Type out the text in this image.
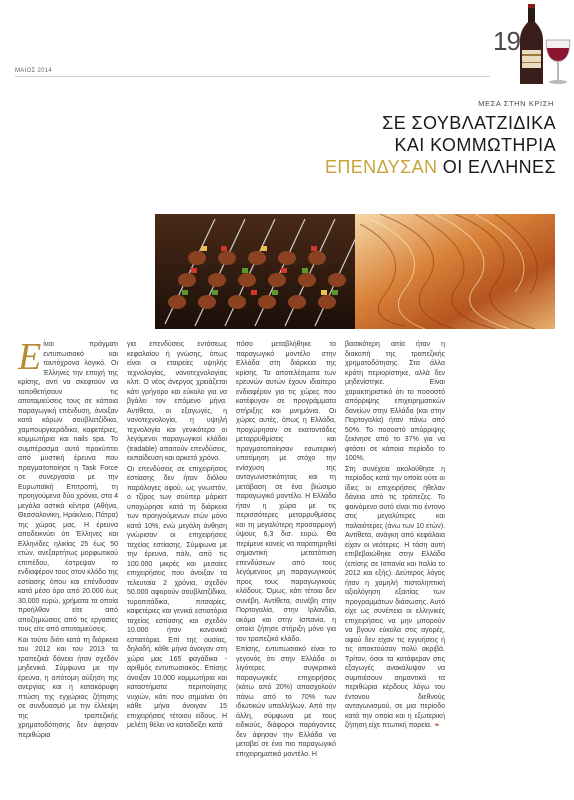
ΜΑΙΟΣ 2014
19
ΜΕΣΑ ΣΤΗΝ ΚΡΙΣΗ
ΣΕ ΣΟΥΒΛΑΤΖΙΔΙΚΑ
ΚΑΙ ΚΟΜΜΩΤΗΡΙΑ
ΕΠΕΝΔΥΣΑΝ ΟΙ ΕΛΛΗΝΕΣ

Είναι πράγματι εντυπωσιακό και ταυτόχρονα λογικό. Οι Έλληνες την εποχή της κρίσης, αντί να σκεφτούν να τοποθετήσουν τις αποταμιεύσεις τους σε κάποια παραγωγική επένδυση, άνοιξαν κατά κόρων σουβλατζίδικα, χαμπουργκεράδικα, καφετέριες, κομμωτήρια και nails spa. Το συμπέρασμα αυτό προκύπτει από μυστική έρευνα που πραγματοποίησε η Task Force σε συνεργασία με την Ευρωπαϊκή Επιτροπή, τη προηγούμενα δύο χρόνια, στα 4 μεγάλα αστικά κέντρα (Αθήνα, Θεσσαλονίκη, Ηράκλειο, Πάτρα) της χώρας μας. Η έρευνα αποδεικνύει ότι Έλληνες και Ελληνίδες ηλικίας 25 έως 50 ετών, ανεξαρτήτως μορφωτικού επιπέδου, έστρεψαν το ενδιαφέρον τους στον κλάδο της εστίασης όπου και επένδυσαν κατά μέσο όρο από 20.000 έως 30.000 ευρώ, χρήματα τα οποία προήλθαν είτε από αποζημιώσεις από τις εργασίες τους είτε από αποταμιεύσεις.

Και τούτο διότι κατά τη διάρκεια του 2012 και του 2013 τα τραπεζικά δάνεια ήταν σχεδόν μηδενικά. Σύμφωνα με την έρευνα, η απότομη αύξηση της ανεργίας και η κατακόρυφη πτώση της εγχώριας ζήτησης σε συνδυασμό με την έλλειψη της τραπεζικής χρηματοδότησης δεν άφησαν περιθώρια

για επενδύσεις εντάσεως κεφαλαίου ή γνώσης, όπως είναι οι εταιρείες υψηλής τεχνολογίας, νανοτεχνολογίας κλπ. Ο νέος άνεργος χρειάζεται κάτι γρήγορο και εύκολο για να βγάλει τον επόμενο μήνα. Αντίθετα, οι εξαγωγές, η νανοτεχνολογία, η υψηλή τεχνολογία και γενικότερα οι λεγόμενοι παραγωγικοί κλάδοι (tradable) απαιτούν επενδύσεις, εκπαίδευση και αρκετό χρόνο.

Οι επενδύσεις σε επιχειρήσεις εστίασης δεν ήταν διόλου παράλογες αφού, ως γνωστόν, ο τζίρος των σούπερ μάρκετ υποχώρησε κατά τη διάρκεια των προηγούμενων ετών μόνο κατά 10%, ενώ μεγάλη άνθηση γνώρισαν οι επιχειρήσεις ταχείας εστίασης. Σύμφωνα με την έρευνα, πάλι, από τις 100.000 μικρές και μεσαίες επιχειρήσεις που άνοιξαν τα τελευταία 2 χρόνια, σχεδόν 50.000 αφορούν σουβλατζίδικα, τυροπιτάδικα, πιτσαρίες, καφετέριες και γενικά εστιατόρια ταχείας εστίασης και σχεδόν 10.000 ήταν κανονικά εστιατόρια. Επί της ουσίας, δηλαδή, κάθε μήνα άνοιγαν στη χώρα μας 165 φαγάδικα - αριθμός εντυπωσιακός. Επίσης άνοιξαν 10.000 κομμωτήρια και καταστήματα περιποίησης νυχιών, κάτι που σημαίνει ότι κάθε μήνα άνοιγαν 15 επιχειρήσεις τέτοιου είδους. Η μελέτη θέλει να καταδείξει κατά

πόσο μεταβλήθηκε το παραγωγικό μοντέλο στην Ελλάδα στη διάρκεια της κρίσης. Τα αποτελέσματα των ερευνών αυτών έχουν ιδιαίτερο ενδιαφέρον για τις χώρες που κατέφυγαν σε προγράμματα στήριξης και μνημόνια. Οι χώρες αυτές, όπως η Ελλάδα, προχώρησαν σε εκατοντάδες μεταρρυθμίσεις και πραγματοποίησαν εσωτερική υποτίμηση με στόχο την ενίσχυση της ανταγωνιστικότητας και τη μετάβαση σε ένα βιώσιμο παραγωγικό μοντέλο. Η Ελλάδα ήταν η χώρα με τις περισσότερες μεταρρυθμίσεις και τη μεγαλύτερη προσαρμογή ύψους 6,3 δισ. ευρώ. Θα περίμενε κανείς να παρατηρηθεί σημαντική μετατόπιση επενδύσεων από τους λεγόμενους μη παραγωγικούς προς τους παραγωγικούς κλάδους. Όμως, κάτι τέτοιο δεν συνέβη. Αντίθετα, συνέβη στην Πορτογαλία, στην Ιρλανδία, ακόμα και στην Ισπανία, η οποία ζήτησε στήριξη μόνο για τον τραπεζικό κλάδο.

Επίσης, εντυπωσιακό είναι το γεγονός ότι στην Ελλάδα οι λιγότερες συγκριτικά παραγωγικές επιχειρήσεις (κάτω από 20%) απασχολούν πάνω από το 70% των ιδιωτικών υπαλλήλων. Από την άλλη, σύμφωνα με τους ειδικούς, διάφοροι παράγοντες δεν άφησαν την Ελλάδα να μεταβεί σε ένα πιο παραγωγικό επιχειρηματικό μοντέλο. Η

βασικότερη αιτία ήταν η διακοπή της τραπεζικής χρηματοδότησης. Στα άλλα κράτη περιορίστηκε, αλλά δεν μηδενίστηκε. Είναι χαρακτηριστικό ότι το ποσοστό απόρριψης επιχειρηματικών δανείων στην Ελλάδα (και στην Πορτογαλία) ήταν πάνω από 50%. Το ποσοστό απόρριψης ξεκίνησε από το 37% για να φτάσει σε κάποια περίοδο το 100%.

Στη συνέχεια ακολούθησε η περίοδος κατά την οποία ούτε οι ίδιες οι επιχειρήσεις ήθελαν δάνεια από τις τράπεζες. Το φαινόμενο αυτό είναι πιο έντονο στις μεγαλύτερες και παλαιότερες (άνω των 10 ετών). Αντίθετα, ανάγκη από κεφάλαια είχαν οι νεότερες. Η τάση αυτή επιβεβαιώθηκε στην Ελλάδα (επίσης σε Ισπανία και Ιταλία το 2012 και εξής). Δεύτερος λόγος ήταν η χαμηλή πιστοληπτική αξιολόγηση εξαιτίας των προγραμμάτων διάσωσης. Αυτό είχε ως συνέπεια οι ελληνικές επιχειρήσεις να μην μπορούν να βγουν εύκολα στις αγορές, αφού δεν είχαν τις εγγυήσεις ή τις αποκτούσαν πολύ ακριβά. Τρίτον, όσοι τα κατάφεραν στις εξαγωγές ανακάλυψαν να συμπιέσουν σημαντικά τα περιθώρια κέρδους λόγω του έντονου διεθνούς ανταγωνισμού, σε μια περίοδο κατά την οποία και η εξωτερική ζήτηση είχε πτωτική πορεία. ❧
